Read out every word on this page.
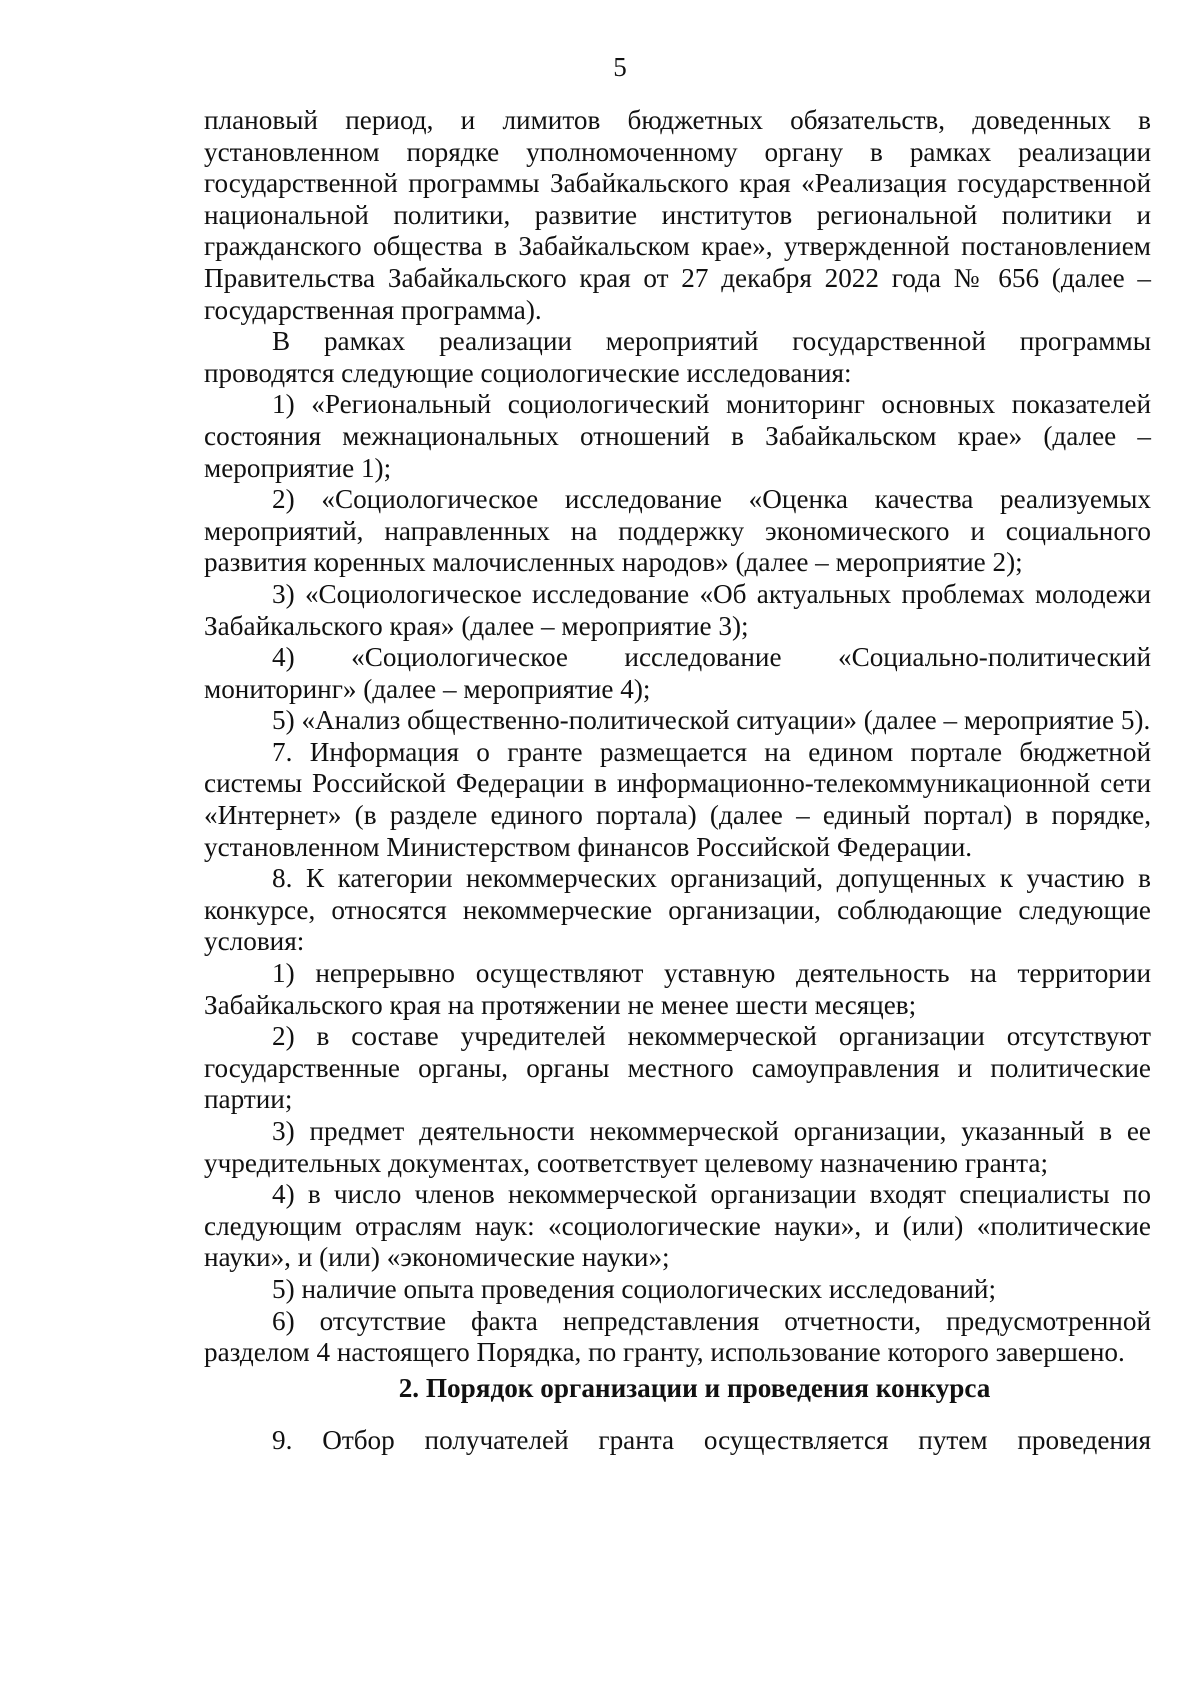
5

плановый период, и лимитов бюджетных обязательств, доведенных в установленном порядке уполномоченному органу в рамках реализации государственной программы Забайкальского края «Реализация государственной национальной политики, развитие институтов региональной политики и гражданского общества в Забайкальском крае», утвержденной постановлением Правительства Забайкальского края от 27 декабря 2022 года № 656 (далее – государственная программа).

В рамках реализации мероприятий государственной программы проводятся следующие социологические исследования:

1) «Региональный социологический мониторинг основных показателей состояния межнациональных отношений в Забайкальском крае» (далее – мероприятие 1);

2) «Социологическое исследование «Оценка качества реализуемых мероприятий, направленных на поддержку экономического и социального развития коренных малочисленных народов» (далее – мероприятие 2);

3) «Социологическое исследование «Об актуальных проблемах молодежи Забайкальского края» (далее – мероприятие 3);

4) «Социологическое исследование «Социально-политический мониторинг» (далее – мероприятие 4);

5) «Анализ общественно-политической ситуации» (далее – мероприятие 5).

7. Информация о гранте размещается на едином портале бюджетной системы Российской Федерации в информационно-телекоммуникационной сети «Интернет» (в разделе единого портала) (далее – единый портал) в порядке, установленном Министерством финансов Российской Федерации.

8. К категории некоммерческих организаций, допущенных к участию в конкурсе, относятся некоммерческие организации, соблюдающие следующие условия:

1) непрерывно осуществляют уставную деятельность на территории Забайкальского края на протяжении не менее шести месяцев;

2) в составе учредителей некоммерческой организации отсутствуют государственные органы, органы местного самоуправления и политические партии;

3) предмет деятельности некоммерческой организации, указанный в ее учредительных документах, соответствует целевому назначению гранта;

4) в число членов некоммерческой организации входят специалисты по следующим отраслям наук: «социологические науки», и (или) «политические науки», и (или) «экономические науки»;

5) наличие опыта проведения социологических исследований;

6) отсутствие факта непредставления отчетности, предусмотренной разделом 4 настоящего Порядка, по гранту, использование которого завершено.

2. Порядок организации и проведения конкурса

9. Отбор получателей гранта осуществляется путем проведения
